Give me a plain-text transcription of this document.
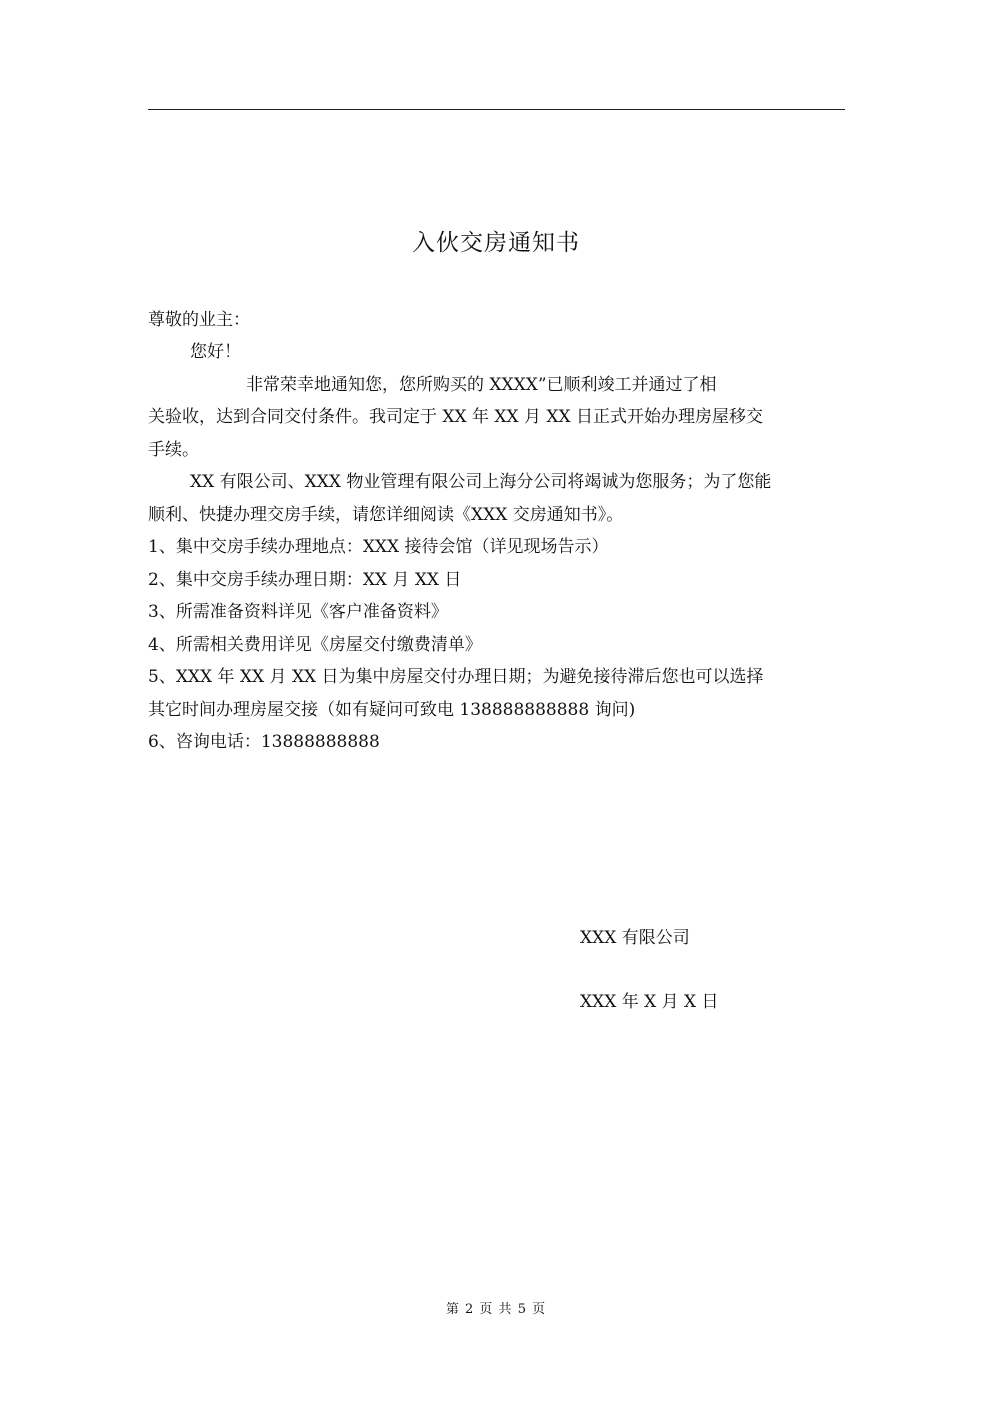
入伙交房通知书
尊敬的业主：
您好！
非常荣幸地通知您，您所购买的 XXXX”已顺利竣工并通过了相
关验收，达到合同交付条件。我司定于 XX 年 XX 月 XX 日正式开始办理房屋移交
手续。
XX 有限公司、XXX 物业管理有限公司上海分公司将竭诚为您服务；为了您能
顺利、快捷办理交房手续，请您详细阅读《XXX 交房通知书》。
1、集中交房手续办理地点：XXX 接待会馆（详见现场告示）
2、集中交房手续办理日期：XX 月 XX 日
3、所需准备资料详见《客户准备资料》
4、所需相关费用详见《房屋交付缴费清单》
5、XXX 年 XX 月 XX 日为集中房屋交付办理日期；为避免接待滞后您也可以选择
其它时间办理房屋交接（如有疑问可致电 138888888888 询问)
6、咨询电话：13888888888
XXX 有限公司
XXX 年 X 月 X 日
第 2 页 共 5 页
